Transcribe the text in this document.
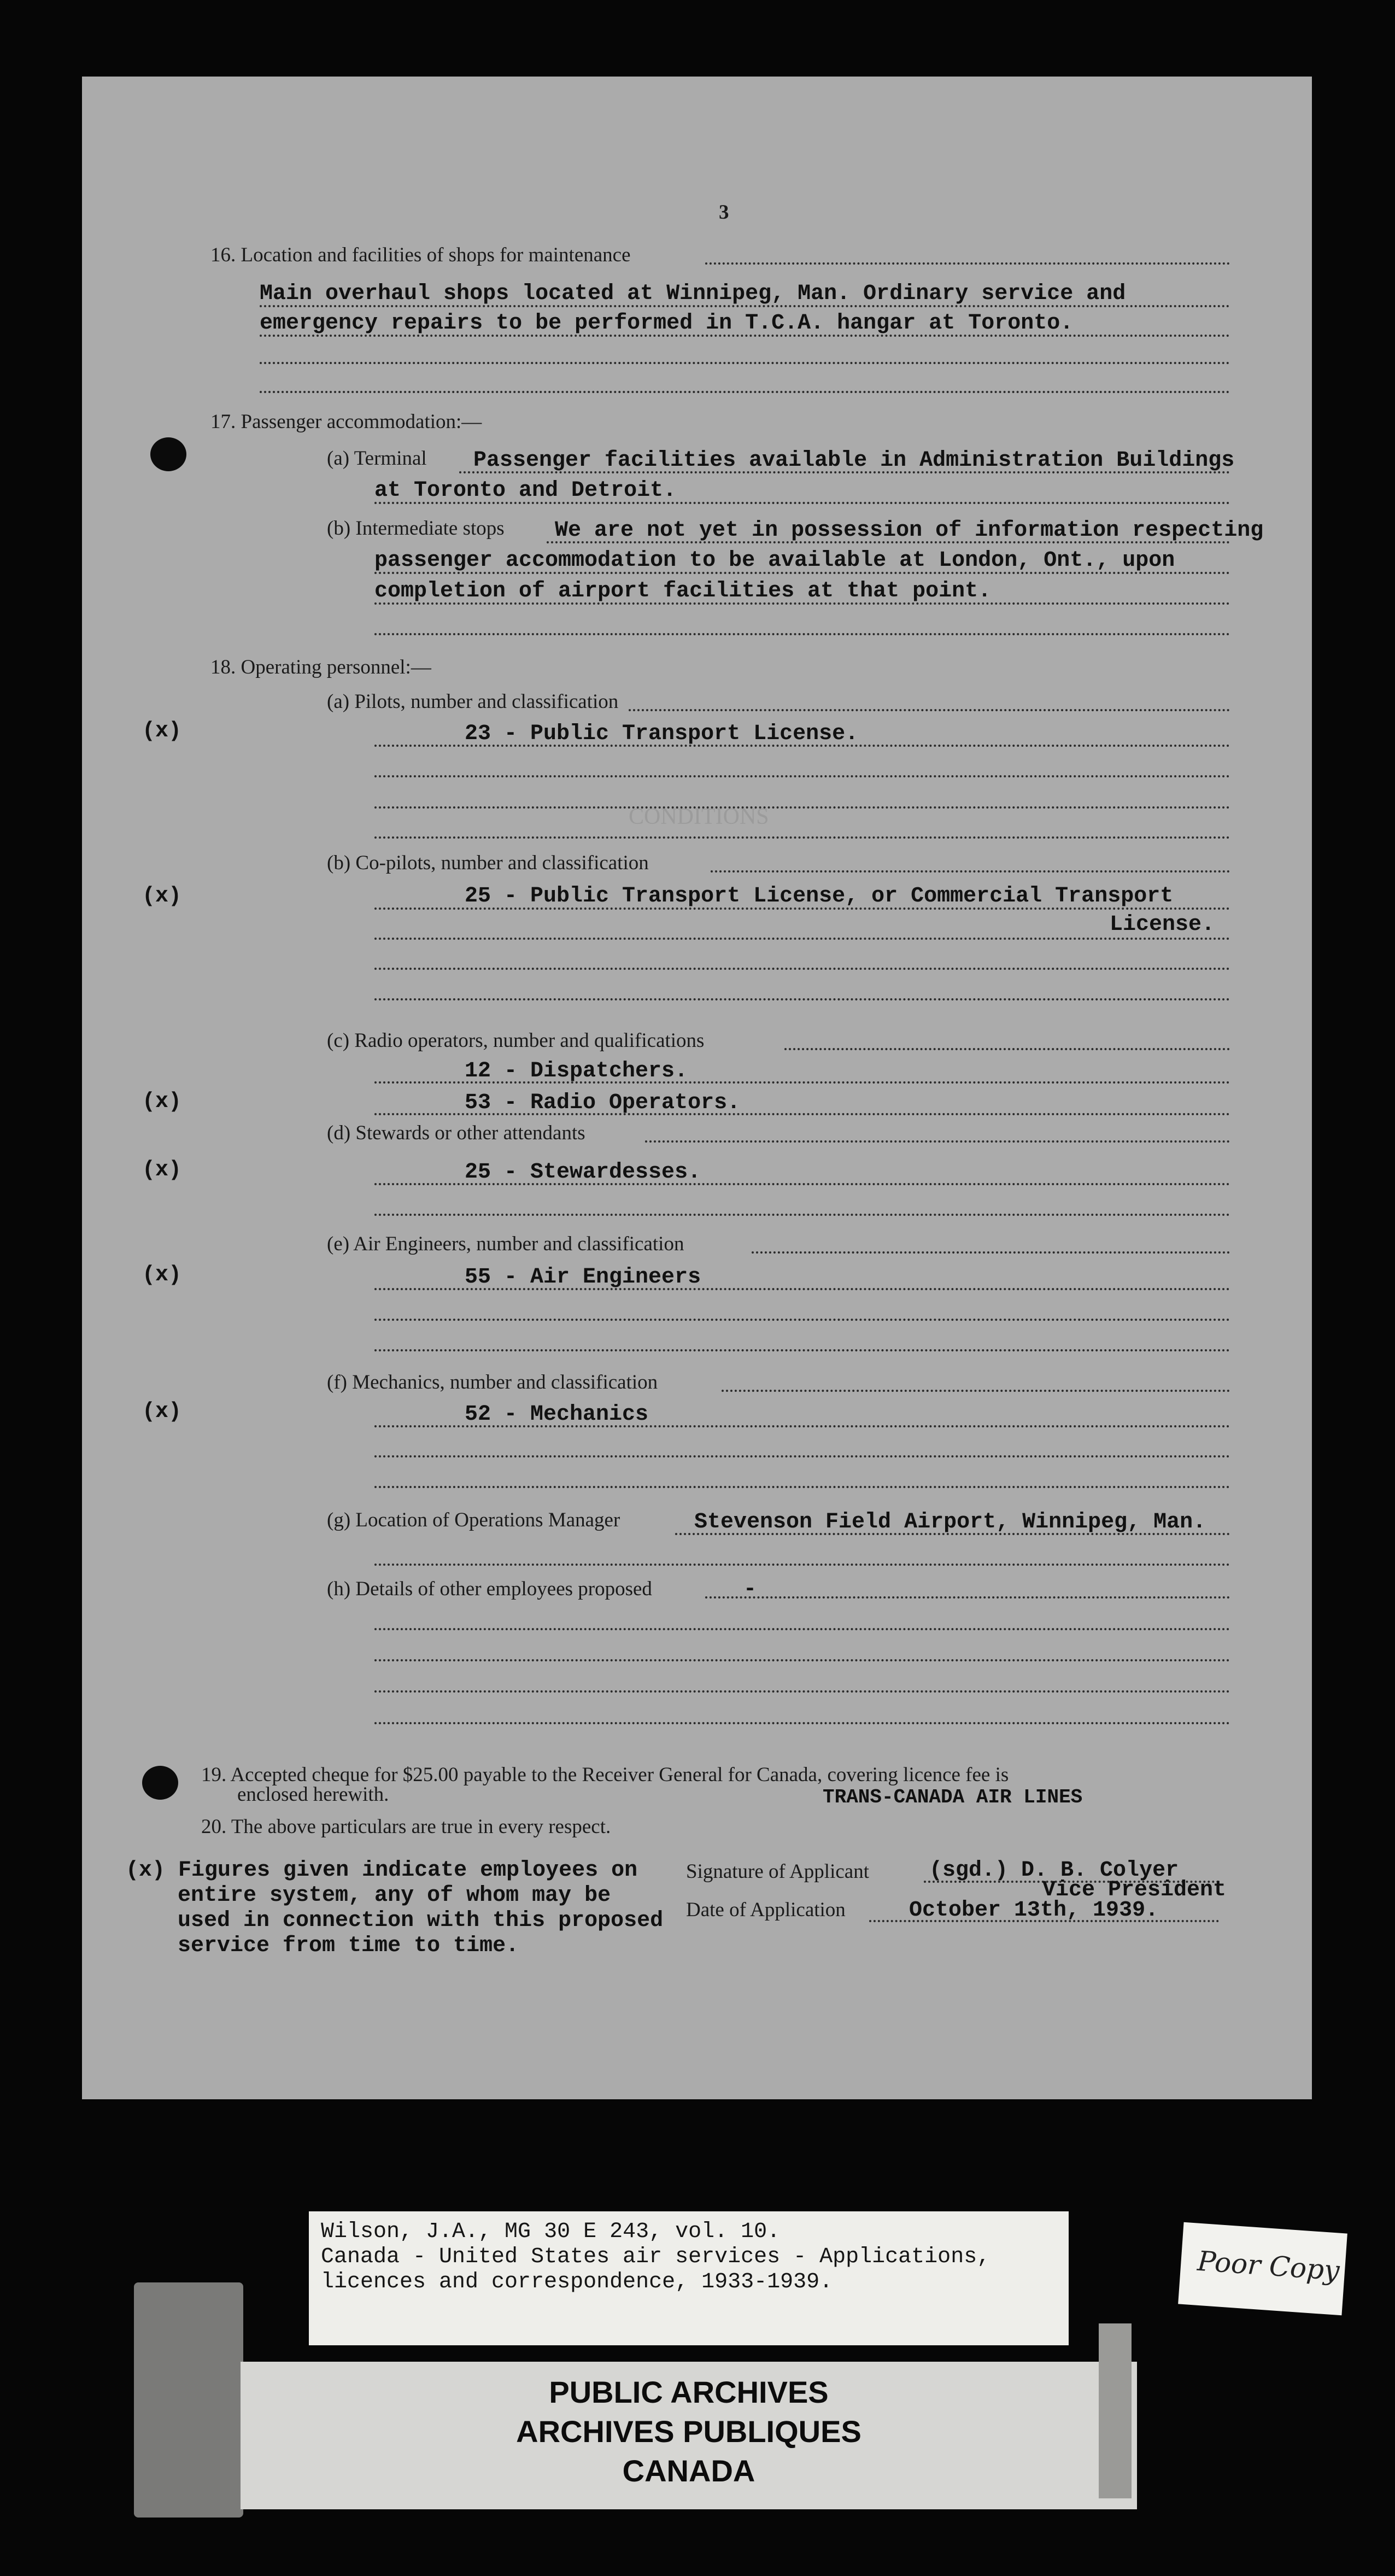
CONDITIONS
3
16. Location and facilities of shops for maintenance
Main overhaul shops located at Winnipeg, Man. Ordinary service and
emergency repairs to be performed in T.C.A. hangar at Toronto.
17. Passenger accommodation:—
(a) Terminal Passenger facilities available in Administration Buildings
at Toronto and Detroit.
(b) Intermediate stops We are not yet in possession of information respecting
passenger accommodation to be available at London, Ont., upon
completion of airport facilities at that point.
18. Operating personnel:—
(a) Pilots, number and classification
(x)	23 - Public Transport License.
(b) Co-pilots, number and classification
(x)	25 - Public Transport License, or Commercial Transport
License.
(c) Radio operators, number and qualifications
12 - Dispatchers.
(x)	53 - Radio Operators.
(d) Stewards or other attendants
(x)	25 - Stewardesses.
(e) Air Engineers, number and classification
(x)	55 - Air Engineers
(f) Mechanics, number and classification
(x)	52 - Mechanics
(g) Location of Operations Manager	Stevenson Field Airport, Winnipeg, Man.
(h) Details of other employees proposed	-
19. Accepted cheque for $25.00 payable to the Receiver General for Canada, covering licence fee is
enclosed herewith.	TRANS-CANADA AIR LINES
20. The above particulars are true in every respect.
(x) Figures given indicate employees on
entire system, any of whom may be
used in connection with this proposed
service from time to time.
Signature of Applicant	(sgd.) D. B. Colyer
Vice President
Date of Application	October 13th, 1939.
Wilson, J.A., MG 30 E 243, vol. 10.
Canada - United States air services - Applications,
licences and correspondence, 1933-1939.	Poor Copy
PUBLIC ARCHIVES
ARCHIVES PUBLIQUES
CANADA
